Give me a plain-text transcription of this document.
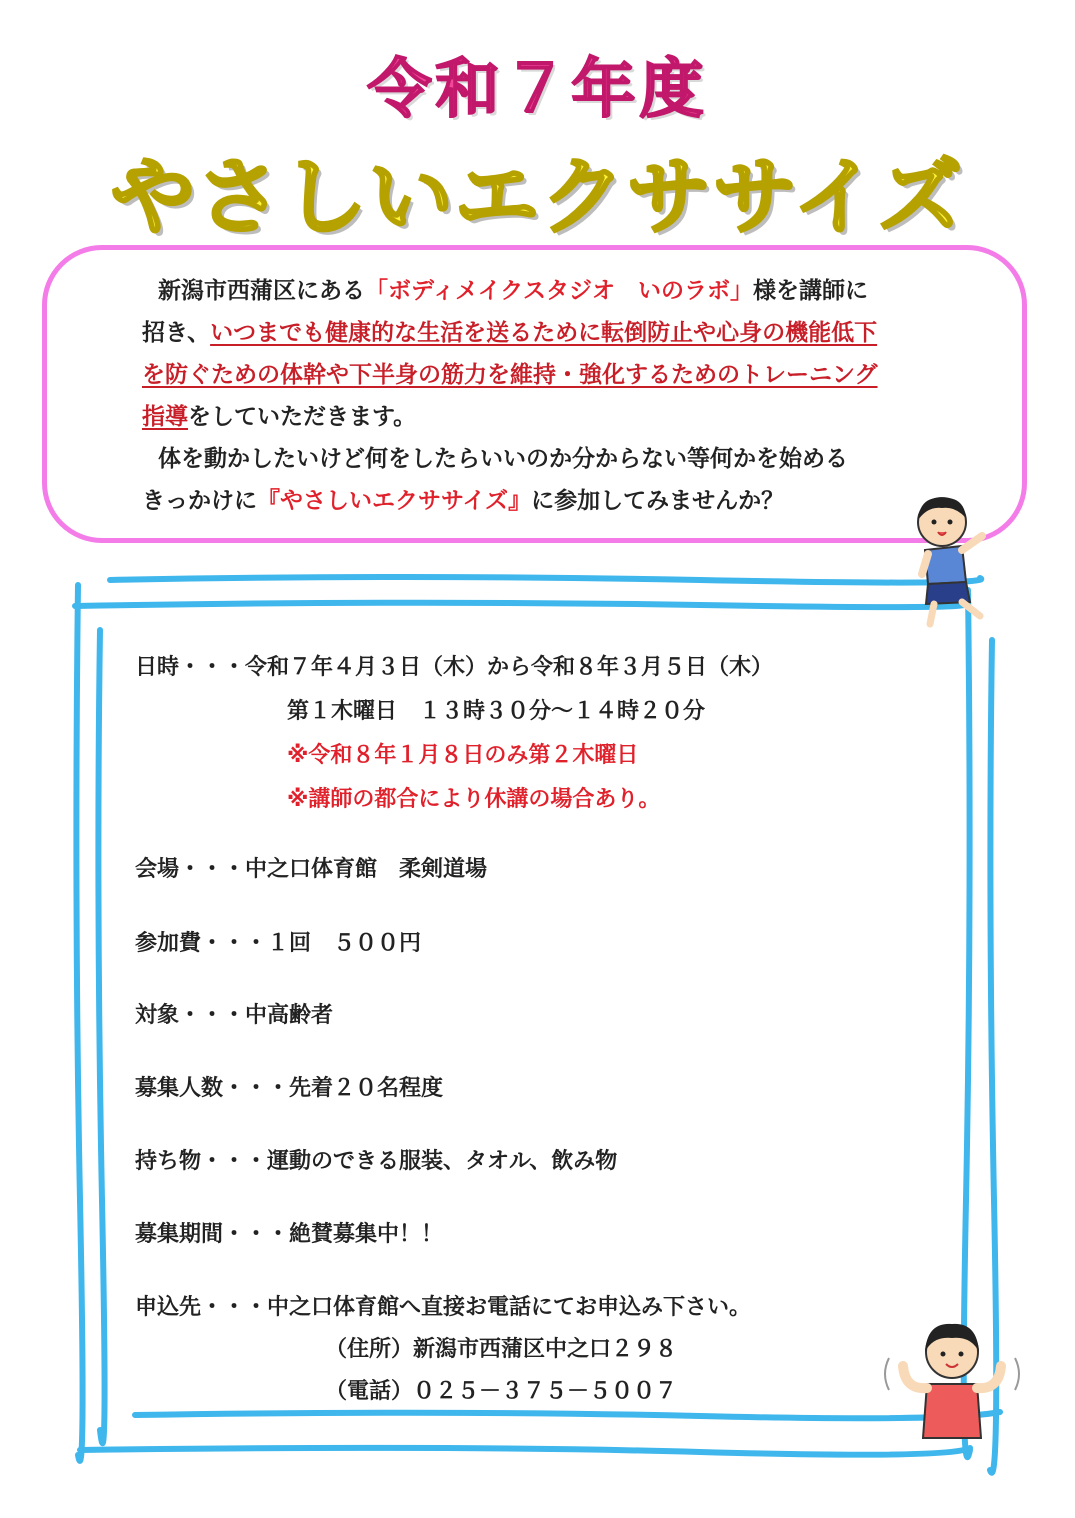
令和７年度
やさしいエクササイズ

新潟市西蒲区にある「ボディメイクスタジオ　いのラボ」様を講師に

招き、いつまでも健康的な生活を送るために転倒防止や心身の機能低下

を防ぐための体幹や下半身の筋力を維持・強化するためのトレーニング

指導をしていただきます。

体を動かしたいけど何をしたらいいのか分からない等何かを始める

きっかけに『やさしいエクササイズ』に参加してみませんか？

日時・・・令和７年４月３日（木）から令和８年３月５日（木）
第１木曜日　１３時３０分～１４時２０分
※令和８年１月８日のみ第２木曜日
※講師の都合により休講の場合あり。
会場・・・中之口体育館　柔剣道場
参加費・・・１回　５００円
対象・・・中高齢者
募集人数・・・先着２０名程度
持ち物・・・運動のできる服装、タオル、飲み物
募集期間・・・絶賛募集中！！
申込先・・・中之口体育館へ直接お電話にてお申込み下さい。
（住所）新潟市西蒲区中之口２９８
（電話）０２５－３７５－５００７
